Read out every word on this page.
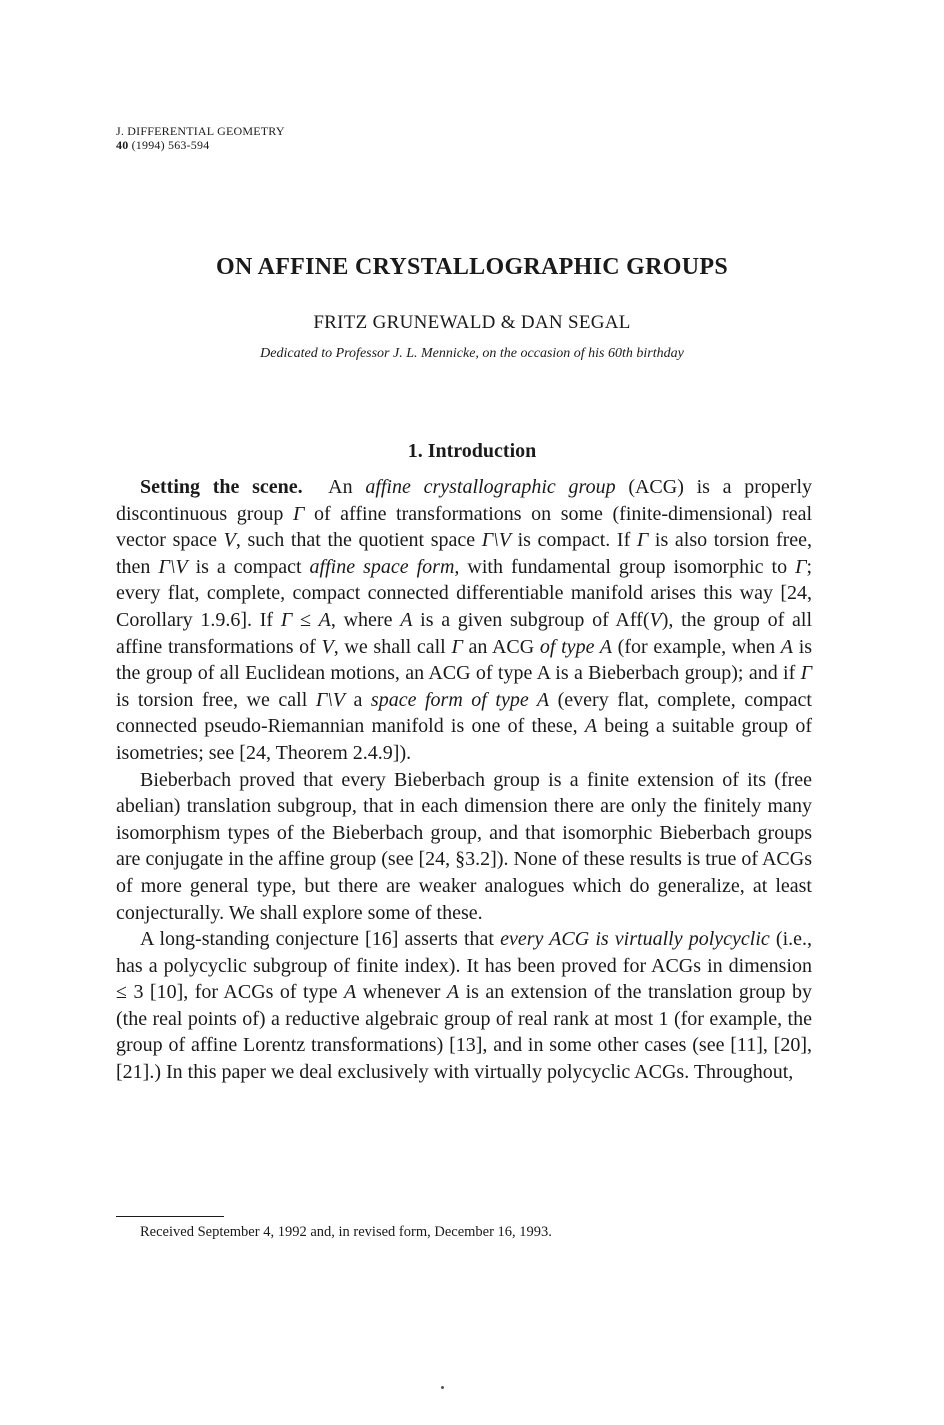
J. DIFFERENTIAL GEOMETRY
40 (1994) 563-594
ON AFFINE CRYSTALLOGRAPHIC GROUPS
FRITZ GRUNEWALD & DAN SEGAL
Dedicated to Professor J. L. Mennicke, on the occasion of his 60th birthday
1. Introduction

Setting the scene. An affine crystallographic group (ACG) is a properly discontinuous group Γ of affine transformations on some (finite-dimensional) real vector space V, such that the quotient space Γ\V is compact. If Γ is also torsion free, then Γ\V is a compact affine space form, with fundamental group isomorphic to Γ; every flat, complete, compact connected differentiable manifold arises this way [24, Corollary 1.9.6]. If Γ ≤ A, where A is a given subgroup of Aff(V), the group of all affine transformations of V, we shall call Γ an ACG of type A (for example, when A is the group of all Euclidean motions, an ACG of type A is a Bieberbach group); and if Γ is torsion free, we call Γ\V a space form of type A (every flat, complete, compact connected pseudo-Riemannian manifold is one of these, A being a suitable group of isometries; see [24, Theorem 2.4.9]).

Bieberbach proved that every Bieberbach group is a finite extension of its (free abelian) translation subgroup, that in each dimension there are only the finitely many isomorphism types of the Bieberbach group, and that isomorphic Bieberbach groups are conjugate in the affine group (see [24, §3.2]). None of these results is true of ACGs of more general type, but there are weaker analogues which do generalize, at least conjecturally. We shall explore some of these.

A long-standing conjecture [16] asserts that every ACG is virtually polycyclic (i.e., has a polycyclic subgroup of finite index). It has been proved for ACGs in dimension ≤ 3 [10], for ACGs of type A whenever A is an extension of the translation group by (the real points of) a reductive algebraic group of real rank at most 1 (for example, the group of affine Lorentz transformations) [13], and in some other cases (see [11], [20], [21].) In this paper we deal exclusively with virtually polycyclic ACGs. Throughout,

Received September 4, 1992 and, in revised form, December 16, 1993.
